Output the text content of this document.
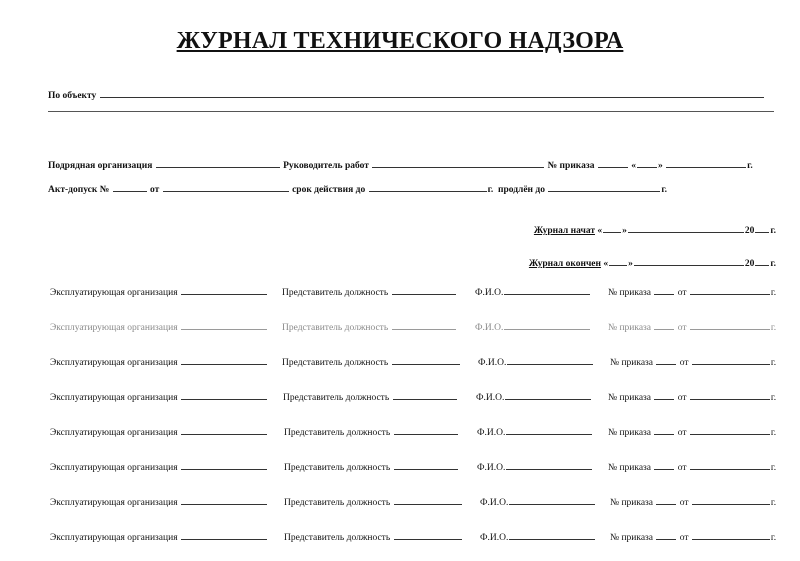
ЖУРНАЛ ТЕХНИЧЕСКОГО НАДЗОРА
По объекту
Подрядная организация	Руководитель работ	№ приказа	« »	г.
Акт-допуск №	от	срок действия до	г. продлён до	г.
Журнал начат « »	20 г.
Журнал окончен « »	20 г.
Эксплуатирующая организация	Представитель должность	Ф.И.О.	№ приказа	от	г.
Эксплуатирующая организация	Представитель должность	Ф.И.О.	№ приказа	от	г.
Эксплуатирующая организация	Представитель должность	Ф.И.О.	№ приказа	от	г.
Эксплуатирующая организация	Представитель должность	Ф.И.О.	№ приказа	от	г.
Эксплуатирующая организация	Представитель должность	Ф.И.О.	№ приказа	от	г.
Эксплуатирующая организация	Представитель должность	Ф.И.О.	№ приказа	от	г.
Эксплуатирующая организация	Представитель должность	Ф.И.О.	№ приказа	от	г.
Эксплуатирующая организация	Представитель должность	Ф.И.О.	№ приказа	от	г.
